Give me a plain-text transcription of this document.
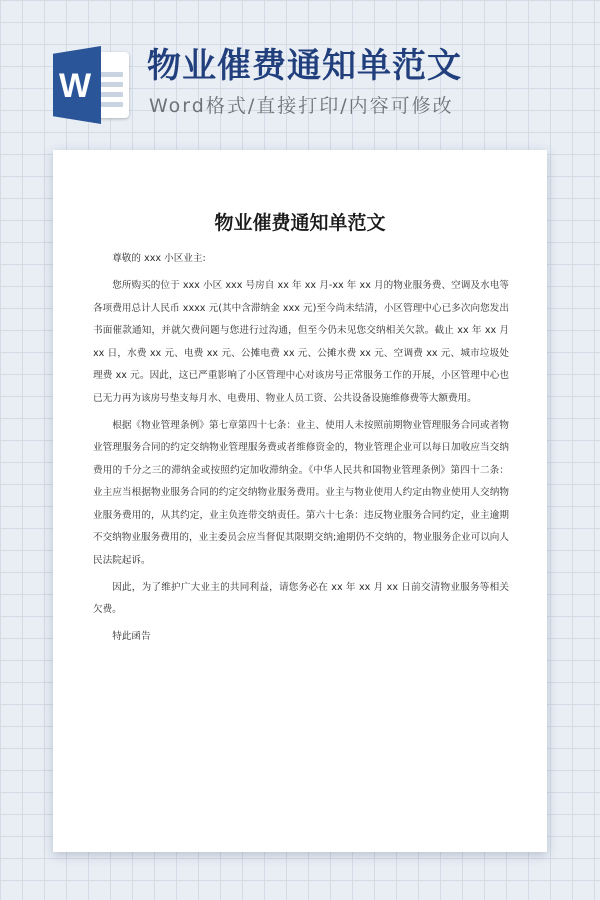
W 物业催费通知单范文
Word格式/直接打印/内容可修改
物业催费通知单范文

尊敬的 xxx 小区业主:

您所购买的位于 xxx 小区 xxx 号房自 xx 年 xx 月-xx 年 xx 月的物业服务费、空调及水电等各项费用总计人民币 xxxx 元(其中含滞纳金 xxx 元)至今尚未结清，小区管理中心已多次向您发出书面催款通知，并就欠费问题与您进行过沟通，但至今仍未见您交纳相关欠款。截止 xx 年 xx 月 xx 日，水费 xx 元、电费 xx 元、公摊电费 xx 元、公摊水费 xx 元、空调费 xx 元、城市垃圾处理费 xx 元。因此，这已严重影响了小区管理中心对该房号正常服务工作的开展，小区管理中心也已无力再为该房号垫支每月水、电费用、物业人员工资、公共设备设施维修费等大额费用。

根据《物业管理条例》第七章第四十七条：业主、使用人未按照前期物业管理服务合同或者物业管理服务合同的约定交纳物业管理服务费或者维修资金的，物业管理企业可以每日加收应当交纳费用的千分之三的滞纳金或按照约定加收滞纳金。《中华人民共和国物业管理条例》第四十二条：业主应当根据物业服务合同的约定交纳物业服务费用。业主与物业使用人约定由物业使用人交纳物业服务费用的，从其约定，业主负连带交纳责任。第六十七条：违反物业服务合同约定，业主逾期不交纳物业服务费用的，业主委员会应当督促其限期交纳;逾期仍不交纳的，物业服务企业可以向人民法院起诉。

因此，为了维护广大业主的共同利益，请您务必在 xx 年 xx 月 xx 日前交清物业服务等相关欠费。

特此函告
